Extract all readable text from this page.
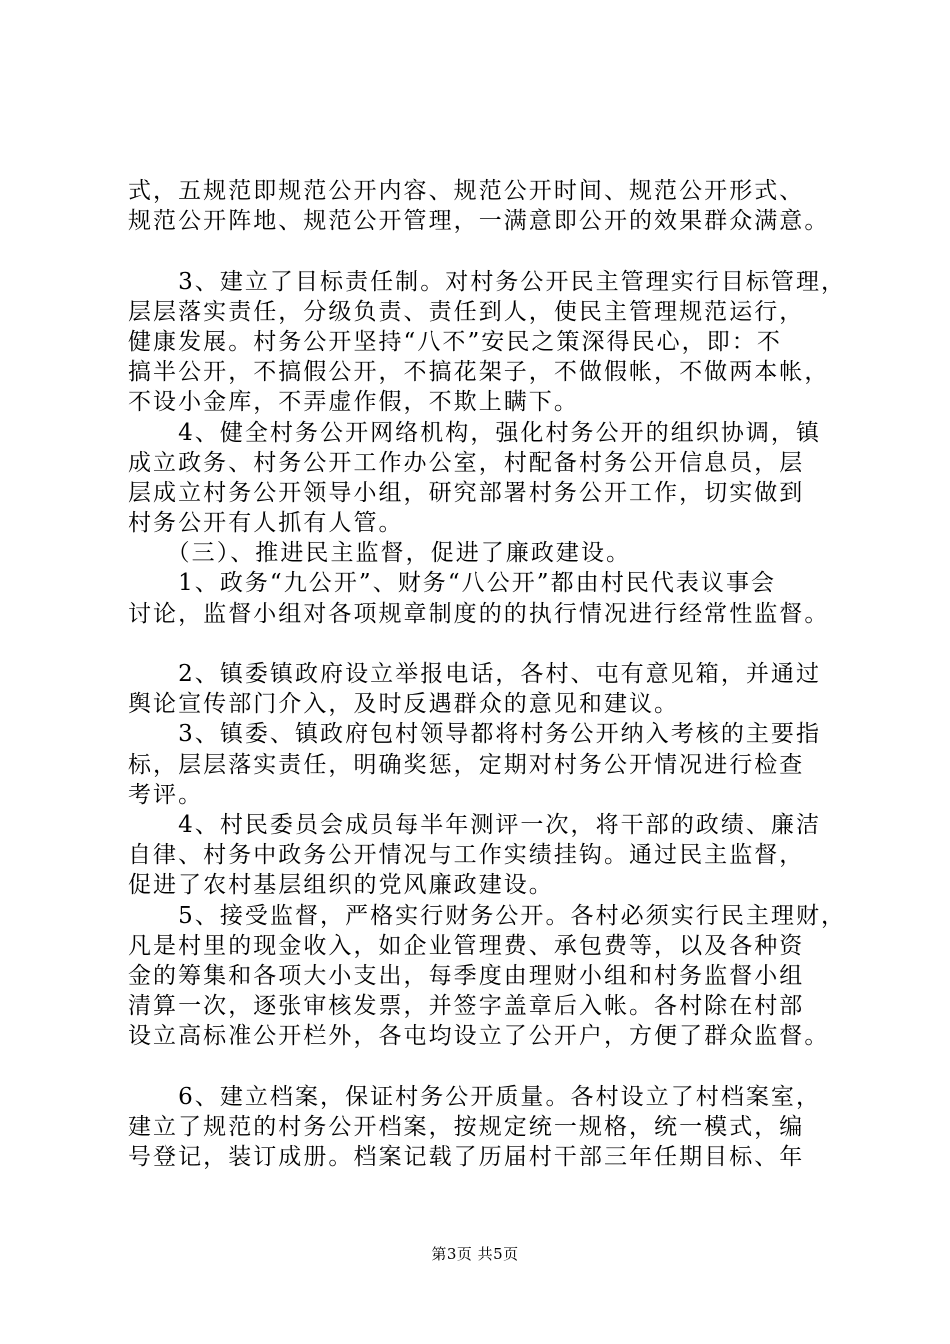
式，五规范即规范公开内容、规范公开时间、规范公开形式、
规范公开阵地、规范公开管理，一满意即公开的效果群众满意。
　　3、建立了目标责任制。对村务公开民主管理实行目标管理，
层层落实责任，分级负责、责任到人，使民主管理规范运行，
健康发展。村务公开坚持“八不”安民之策深得民心，即：不
搞半公开，不搞假公开，不搞花架子，不做假帐，不做两本帐，
不设小金库，不弄虚作假，不欺上瞒下。
　　4、健全村务公开网络机构，强化村务公开的组织协调，镇
成立政务、村务公开工作办公室，村配备村务公开信息员，层
层成立村务公开领导小组，研究部署村务公开工作，切实做到
村务公开有人抓有人管。
　　（三）、推进民主监督，促进了廉政建设。
　　1、政务“九公开”、财务“八公开”都由村民代表议事会
讨论，监督小组对各项规章制度的的执行情况进行经常性监督。
　　2、镇委镇政府设立举报电话，各村、屯有意见箱，并通过
舆论宣传部门介入，及时反遇群众的意见和建议。
　　3、镇委、镇政府包村领导都将村务公开纳入考核的主要指
标，层层落实责任，明确奖惩，定期对村务公开情况进行检查
考评。
　　4、村民委员会成员每半年测评一次，将干部的政绩、廉洁
自律、村务中政务公开情况与工作实绩挂钩。通过民主监督，
促进了农村基层组织的党风廉政建设。
　　5、接受监督，严格实行财务公开。各村必须实行民主理财，
凡是村里的现金收入，如企业管理费、承包费等，以及各种资
金的筹集和各项大小支出，每季度由理财小组和村务监督小组
清算一次，逐张审核发票，并签字盖章后入帐。各村除在村部
设立高标准公开栏外，各屯均设立了公开户，方便了群众监督。
　　6、建立档案，保证村务公开质量。各村设立了村档案室，
建立了规范的村务公开档案，按规定统一规格，统一模式，编
号登记，装订成册。档案记载了历届村干部三年任期目标、年
第3页 共5页
